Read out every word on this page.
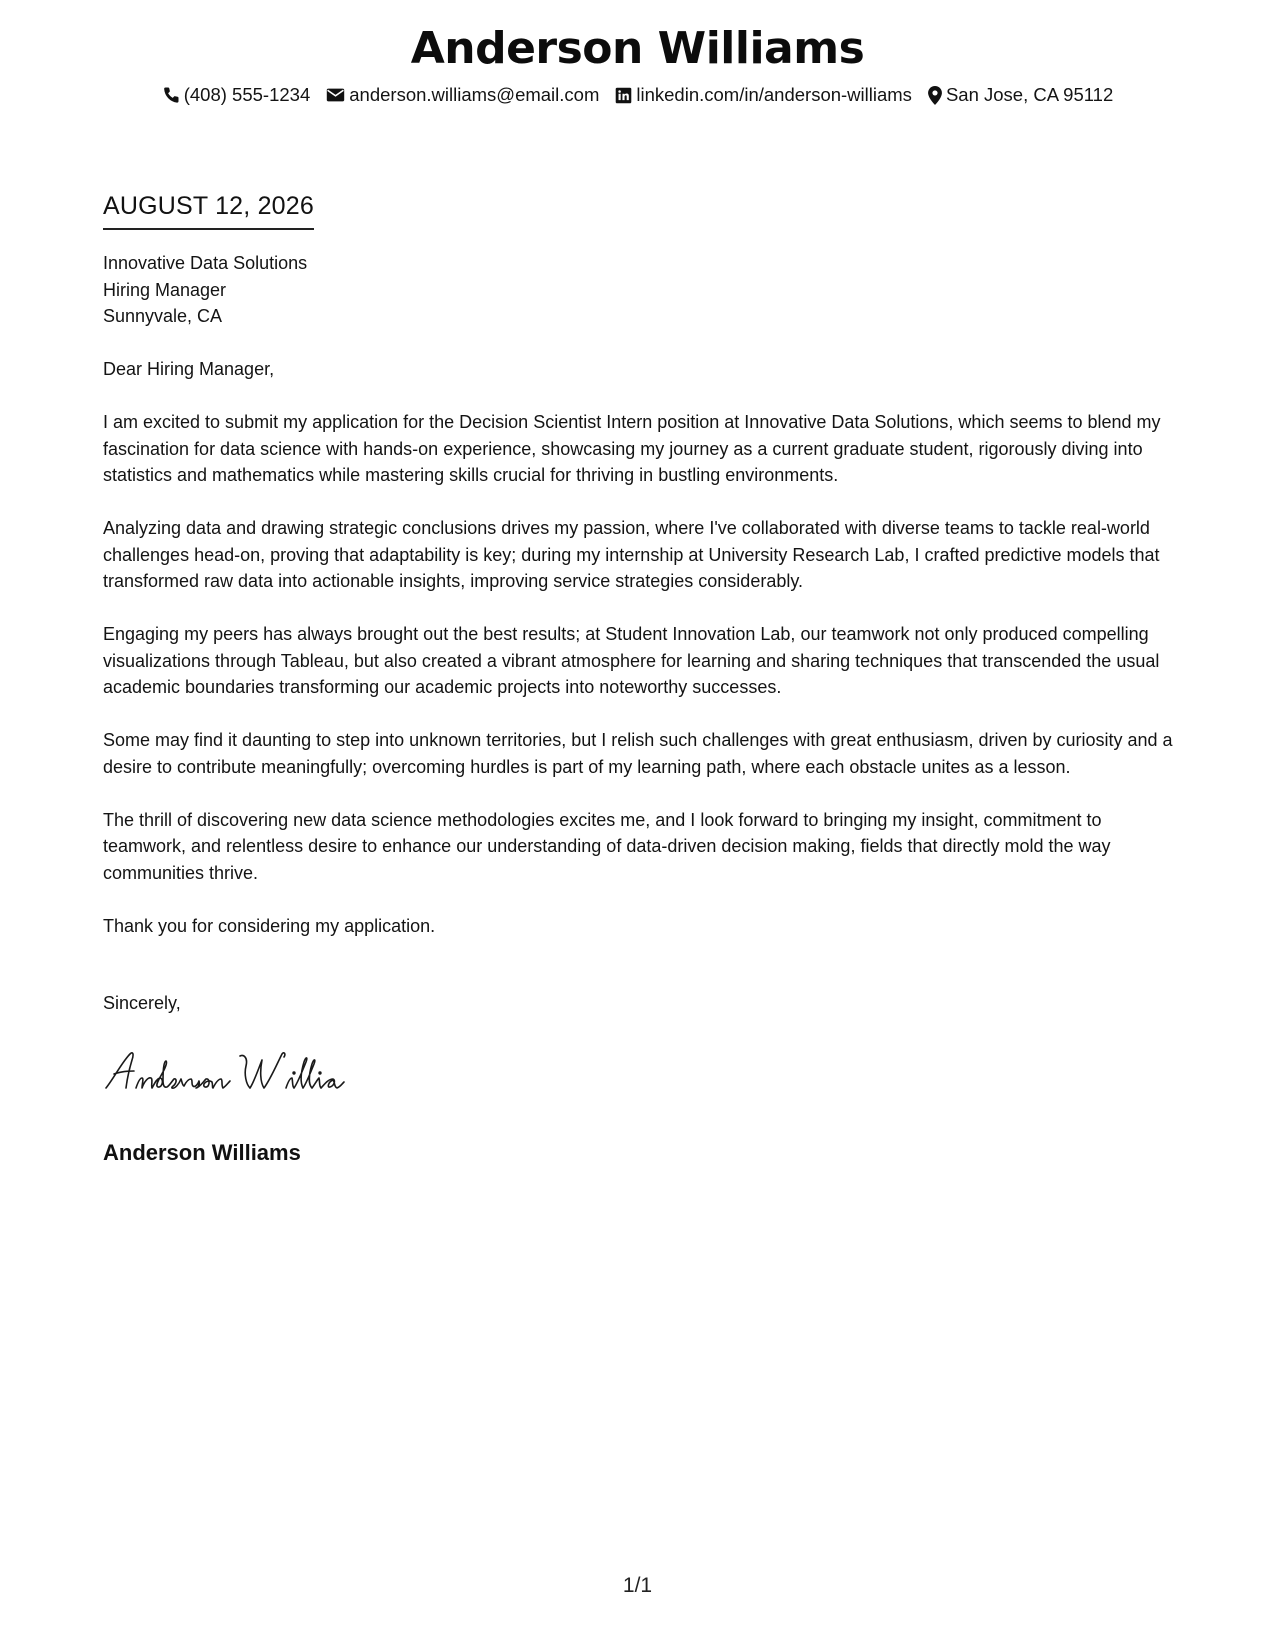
Anderson Williams
(408) 555-1234 anderson.williams@email.com linkedin.com/in/anderson-williams San Jose, CA 95112
AUGUST 12, 2026
Innovative Data Solutions
Hiring Manager
Sunnyvale, CA

Dear Hiring Manager,

I am excited to submit my application for the Decision Scientist Intern position at Innovative Data Solutions, which seems to blend my fascination for data science with hands-on experience, showcasing my journey as a current graduate student, rigorously diving into statistics and mathematics while mastering skills crucial for thriving in bustling environments.

Analyzing data and drawing strategic conclusions drives my passion, where I've collaborated with diverse teams to tackle real-world challenges head-on, proving that adaptability is key; during my internship at University Research Lab, I crafted predictive models that transformed raw data into actionable insights, improving service strategies considerably.

Engaging my peers has always brought out the best results; at Student Innovation Lab, our teamwork not only produced compelling visualizations through Tableau, but also created a vibrant atmosphere for learning and sharing techniques that transcended the usual academic boundaries transforming our academic projects into noteworthy successes.

Some may find it daunting to step into unknown territories, but I relish such challenges with great enthusiasm, driven by curiosity and a desire to contribute meaningfully; overcoming hurdles is part of my learning path, where each obstacle unites as a lesson.

The thrill of discovering new data science methodologies excites me, and I look forward to bringing my insight, commitment to teamwork, and relentless desire to enhance our understanding of data-driven decision making, fields that directly mold the way communities thrive.

Thank you for considering my application.

Sincerely,
Anderson Williams
1/1
